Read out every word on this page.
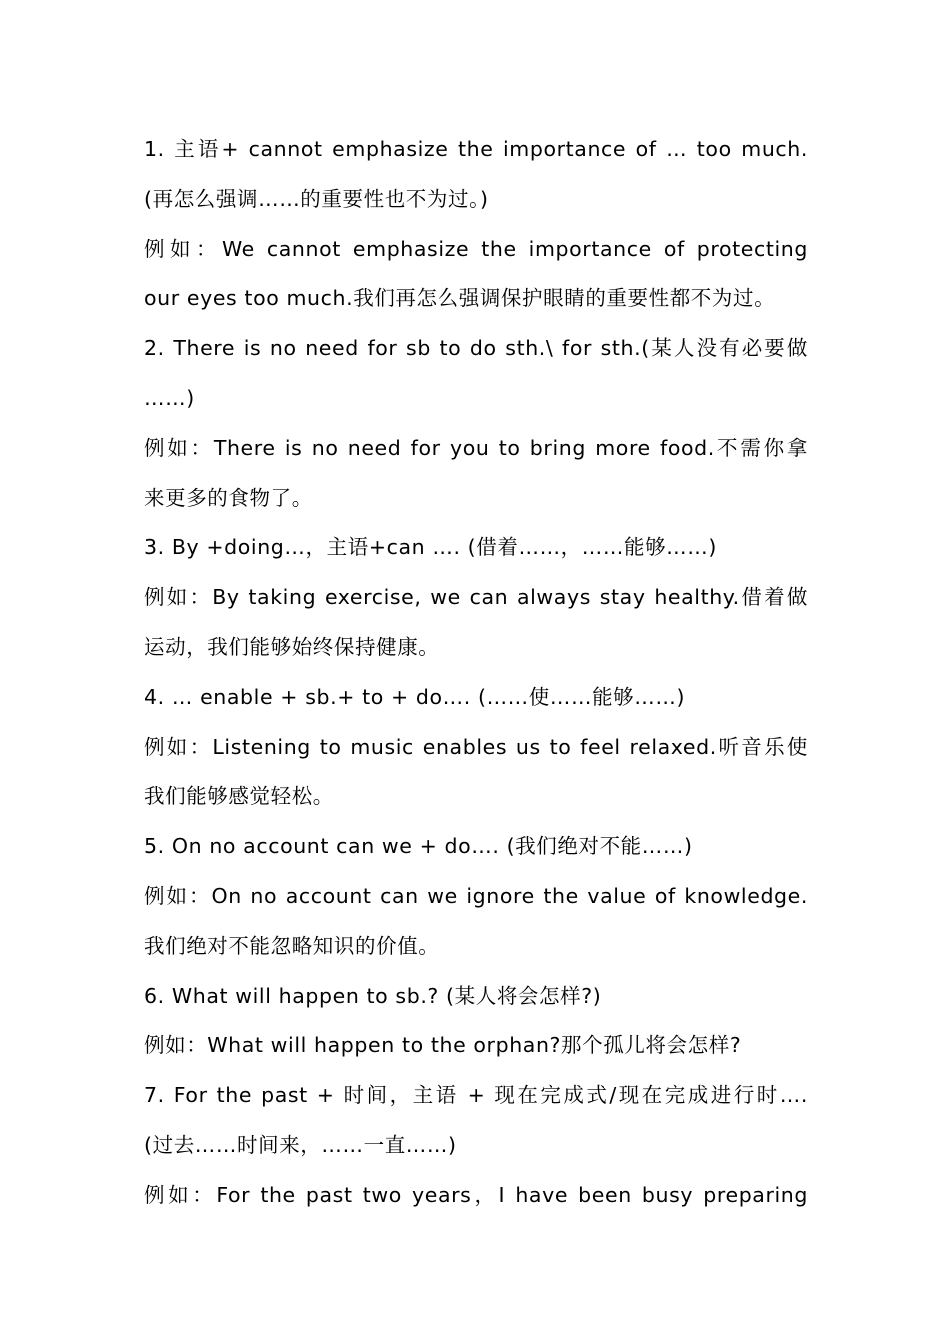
1. 主语+ cannot emphasize the importance of … too much.
(再怎么强调……的重要性也不为过。)
例如：We cannot emphasize the importance of protecting
our eyes too much.我们再怎么强调保护眼睛的重要性都不为过。
2. There is no need for sb to do sth.\ for sth.(某人没有必要做
……)
例如：There is no need for you to bring more food.不需你拿
来更多的食物了。
3. By +doing…，主语+can …. (借着……，……能够……)
例如：By taking exercise, we can always stay healthy.借着做
运动，我们能够始终保持健康。
4. … enable + sb.+ to + do…. (……使……能够……)
例如：Listening to music enables us to feel relaxed.听音乐使
我们能够感觉轻松。
5. On no account can we + do…. (我们绝对不能……)
例如：On no account can we ignore the value of knowledge.
我们绝对不能忽略知识的价值。
6. What will happen to sb.? (某人将会怎样?)
例如：What will happen to the orphan?那个孤儿将会怎样?
7. For the past + 时间，主语 + 现在完成式/现在完成进行时….
(过去……时间来，……一直……)
例如：For the past two years，I have been busy preparing
